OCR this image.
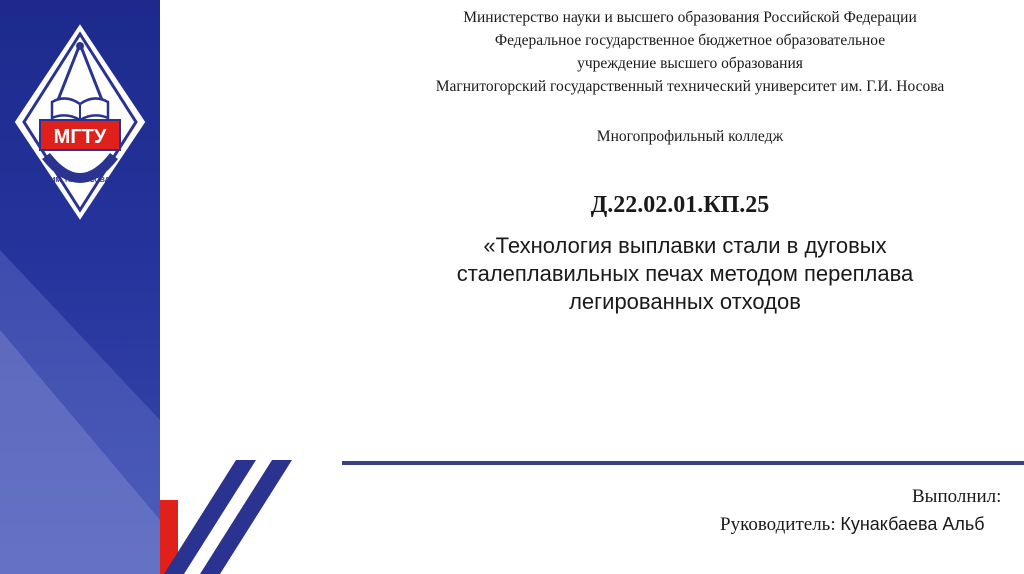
МГТУ
ИМ. Г.И. НОСОВА
Министерство науки и высшего образования Российской Федерации
Федеральное государственное бюджетное образовательное
учреждение высшего образования
Магнитогорский государственный технический университет им. Г.И. Носова
Многопрофильный колледж
Д.22.02.01.КП.25
«Технология выплавки стали в дуговых
сталеплавильных печах методом переплава
легированных отходов
Выполнил:
Руководитель: Кунакбаева Альб
